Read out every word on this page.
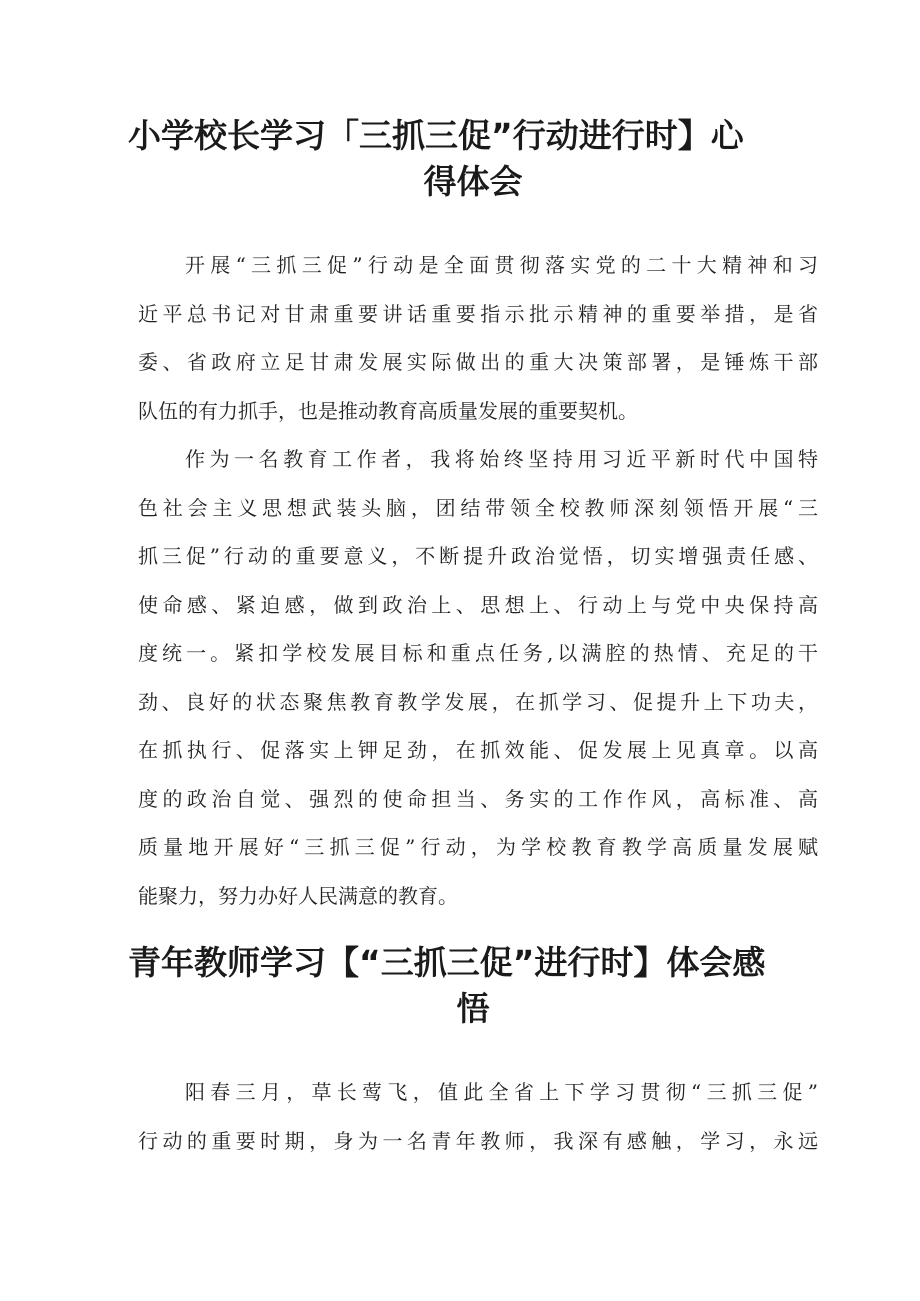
小学校长学习「三抓三促”行动进行时】心
得体会
开展“三抓三促”行动是全面贯彻落实党的二十大精神和习
近平总书记对甘肃重要讲话重要指示批示精神的重要举措，是省
委、省政府立足甘肃发展实际做出的重大决策部署，是锤炼干部
队伍的有力抓手，也是推动教育高质量发展的重要契机。
作为一名教育工作者，我将始终坚持用习近平新时代中国特
色社会主义思想武装头脑，团结带领全校教师深刻领悟开展“三
抓三促”行动的重要意义，不断提升政治觉悟，切实增强责任感、
使命感、紧迫感，做到政治上、思想上、行动上与党中央保持高
度统一。紧扣学校发展目标和重点任务,以满腔的热情、充足的干
劲、良好的状态聚焦教育教学发展，在抓学习、促提升上下功夫，
在抓执行、促落实上钾足劲，在抓效能、促发展上见真章。以高
度的政治自觉、强烈的使命担当、务实的工作作风，高标准、高
质量地开展好“三抓三促”行动，为学校教育教学高质量发展赋
能聚力，努力办好人民满意的教育。
青年教师学习【“三抓三促”进行时】体会感
悟
阳春三月，草长莺飞，值此全省上下学习贯彻“三抓三促”
行动的重要时期，身为一名青年教师，我深有感触，学习，永远
